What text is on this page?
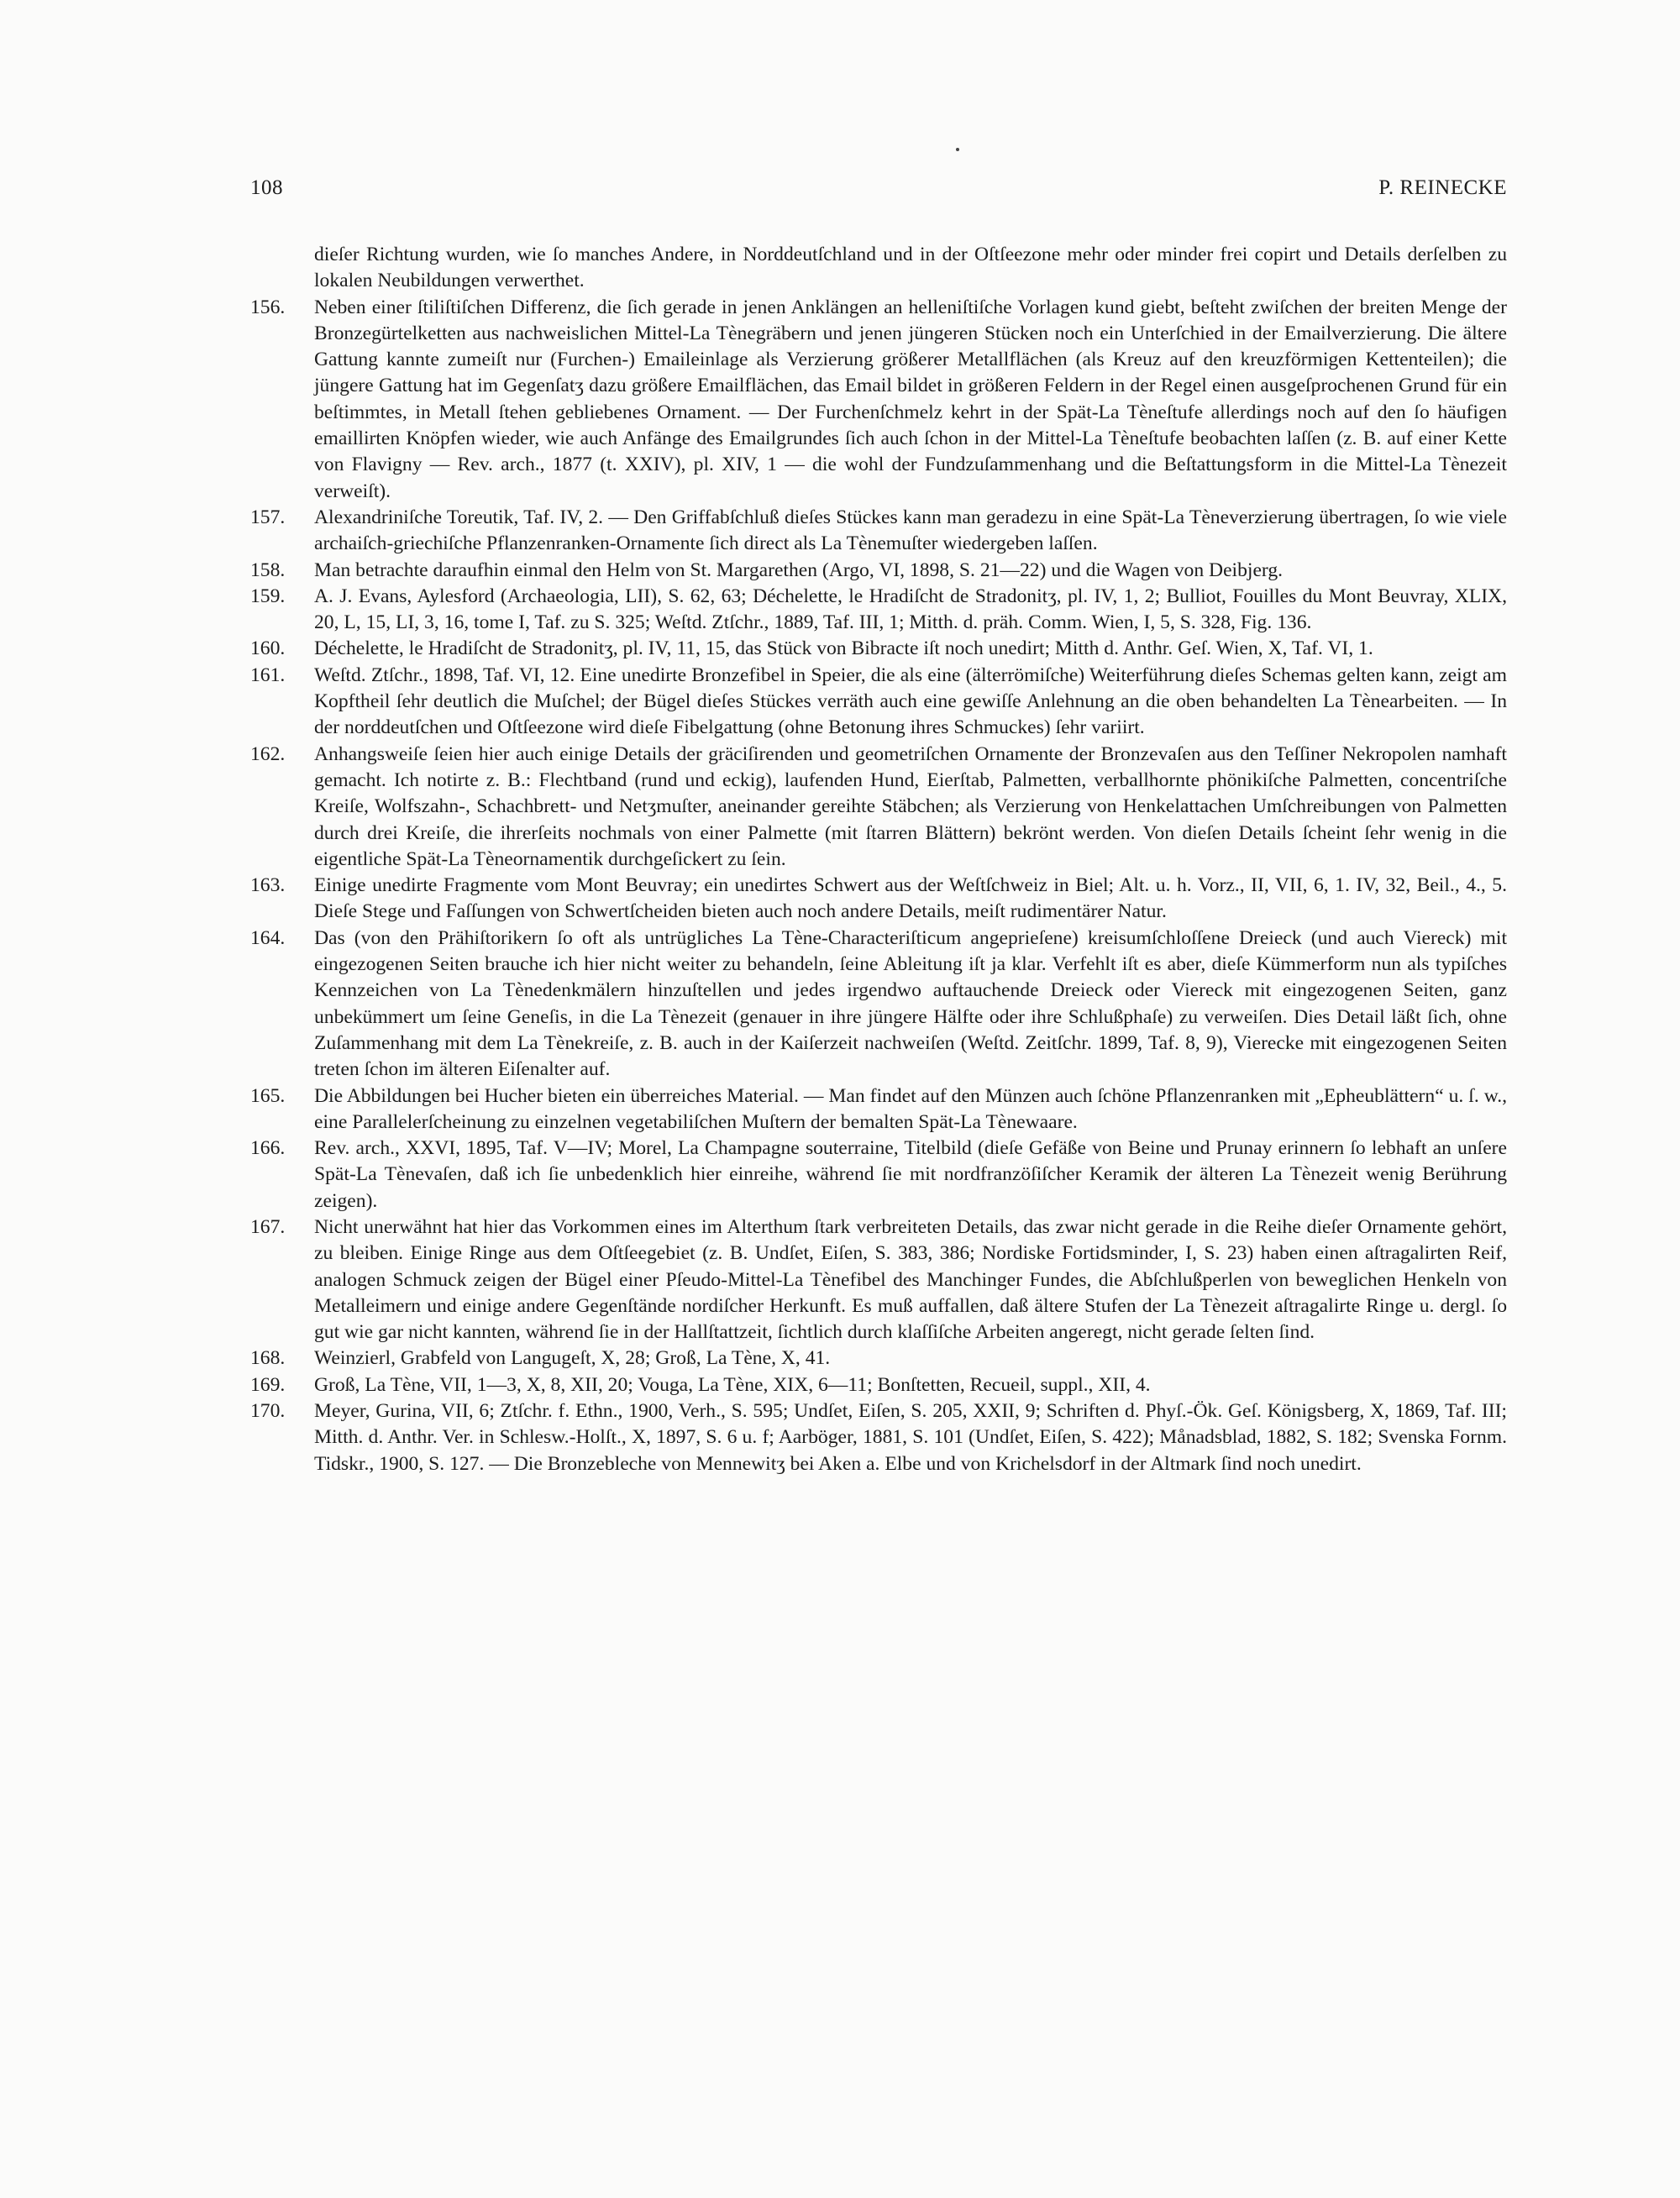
108	P. REINECKE
dieſer Richtung wurden, wie ſo manches Andere, in Norddeutſchland und in der Oſtſeezone mehr oder minder frei copirt und Details derſelben zu lokalen Neubildungen verwerthet.
156.	Neben einer ſtiliſtiſchen Differenz, die ſich gerade in jenen Anklängen an helleniſtiſche Vorlagen kund giebt, beſteht zwiſchen der breiten Menge der Bronzegürtelketten aus nachweislichen Mittel-La Tènegräbern und jenen jüngeren Stücken noch ein Unterſchied in der Emailverzierung. Die ältere Gattung kannte zumeiſt nur (Furchen-) Emaileinlage als Verzierung größerer Metallflächen (als Kreuz auf den kreuzförmigen Kettenteilen); die jüngere Gattung hat im Gegenſatʒ dazu größere Emailflächen, das Email bildet in größeren Feldern in der Regel einen ausgeſprochenen Grund für ein beſtimmtes, in Metall ſtehen gebliebenes Ornament. — Der Furchenſchmelz kehrt in der Spät-La Tèneſtufe allerdings noch auf den ſo häufigen emaillirten Knöpfen wieder, wie auch Anfänge des Emailgrundes ſich auch ſchon in der Mittel-La Tèneſtufe beobachten laſſen (z. B. auf einer Kette von Flavigny — Rev. arch., 1877 (t. XXIV), pl. XIV, 1 — die wohl der Fundzuſammenhang und die Beſtattungsform in die Mittel-La Tènezeit verweiſt).
157.	Alexandriniſche Toreutik, Taf. IV, 2. — Den Griffabſchluß dieſes Stückes kann man geradezu in eine Spät-La Tèneverzierung übertragen, ſo wie viele archaiſch-griechiſche Pflanzenranken-Ornamente ſich direct als La Tènemuſter wiedergeben laſſen.
158.	Man betrachte daraufhin einmal den Helm von St. Margarethen (Argo, VI, 1898, S. 21—22) und die Wagen von Deibjerg.
159.	A. J. Evans, Aylesford (Archaeologia, LII), S. 62, 63; Déchelette, le Hradiſcht de Stradonitʒ, pl. IV, 1, 2; Bulliot, Fouilles du Mont Beuvray, XLIX, 20, L, 15, LI, 3, 16, tome I, Taf. zu S. 325; Weſtd. Ztſchr., 1889, Taf. III, 1; Mitth. d. präh. Comm. Wien, I, 5, S. 328, Fig. 136.
160.	Déchelette, le Hradiſcht de Stradonitʒ, pl. IV, 11, 15, das Stück von Bibracte iſt noch unedirt; Mitth d. Anthr. Geſ. Wien, X, Taf. VI, 1.
161.	Weſtd. Ztſchr., 1898, Taf. VI, 12. Eine unedirte Bronzefibel in Speier, die als eine (älterrömiſche) Weiterführung dieſes Schemas gelten kann, zeigt am Kopftheil ſehr deutlich die Muſchel; der Bügel dieſes Stückes verräth auch eine gewiſſe Anlehnung an die oben behandelten La Tènearbeiten. — In der norddeutſchen und Oſtſeezone wird dieſe Fibelgattung (ohne Betonung ihres Schmuckes) ſehr variirt.
162.	Anhangsweiſe ſeien hier auch einige Details der gräciſirenden und geometriſchen Ornamente der Bronzevaſen aus den Teſſiner Nekropolen namhaft gemacht. Ich notirte z. B.: Flechtband (rund und eckig), laufenden Hund, Eierſtab, Palmetten, verballhornte phönikiſche Palmetten, concentriſche Kreiſe, Wolfszahn-, Schachbrett- und Netʒmuſter, aneinander gereihte Stäbchen; als Verzierung von Henkelattachen Umſchreibungen von Palmetten durch drei Kreiſe, die ihrerſeits nochmals von einer Palmette (mit ſtarren Blättern) bekrönt werden. Von dieſen Details ſcheint ſehr wenig in die eigentliche Spät-La Tèneornamentik durchgeſickert zu ſein.
163.	Einige unedirte Fragmente vom Mont Beuvray; ein unedirtes Schwert aus der Weſtſchweiz in Biel; Alt. u. h. Vorz., II, VII, 6, 1. IV, 32, Beil., 4., 5. Dieſe Stege und Faſſungen von Schwertſcheiden bieten auch noch andere Details, meiſt rudimentärer Natur.
164.	Das (von den Prähiſtorikern ſo oft als untrügliches La Tène-Characteriſticum angeprieſene) kreisumſchloſſene Dreieck (und auch Viereck) mit eingezogenen Seiten brauche ich hier nicht weiter zu behandeln, ſeine Ableitung iſt ja klar. Verfehlt iſt es aber, dieſe Kümmerform nun als typiſches Kennzeichen von La Tènedenkmälern hinzuſtellen und jedes irgendwo auftauchende Dreieck oder Viereck mit eingezogenen Seiten, ganz unbekümmert um ſeine Geneſis, in die La Tènezeit (genauer in ihre jüngere Hälfte oder ihre Schlußphaſe) zu verweiſen. Dies Detail läßt ſich, ohne Zuſammenhang mit dem La Tènekreiſe, z. B. auch in der Kaiſerzeit nachweiſen (Weſtd. Zeitſchr. 1899, Taf. 8, 9), Vierecke mit eingezogenen Seiten treten ſchon im älteren Eiſenalter auf.
165.	Die Abbildungen bei Hucher bieten ein überreiches Material. — Man findet auf den Münzen auch ſchöne Pflanzenranken mit „Epheublättern“ u. ſ. w., eine Parallelerſcheinung zu einzelnen vegetabiliſchen Muſtern der bemalten Spät-La Tènewaare.
166.	Rev. arch., XXVI, 1895, Taf. V—IV; Morel, La Champagne souterraine, Titelbild (dieſe Gefäße von Beine und Prunay erinnern ſo lebhaft an unſere Spät-La Tènevaſen, daß ich ſie unbedenklich hier einreihe, während ſie mit nordfranzöſiſcher Keramik der älteren La Tènezeit wenig Berührung zeigen).
167.	Nicht unerwähnt hat hier das Vorkommen eines im Alterthum ſtark verbreiteten Details, das zwar nicht gerade in die Reihe dieſer Ornamente gehört, zu bleiben. Einige Ringe aus dem Oſtſeegebiet (z. B. Undſet, Eiſen, S. 383, 386; Nordiske Fortidsminder, I, S. 23) haben einen aſtragalirten Reif, analogen Schmuck zeigen der Bügel einer Pſeudo-Mittel-La Tènefibel des Manchinger Fundes, die Abſchlußperlen von beweglichen Henkeln von Metalleimern und einige andere Gegenſtände nordiſcher Herkunft. Es muß auffallen, daß ältere Stufen der La Tènezeit aſtragalirte Ringe u. dergl. ſo gut wie gar nicht kannten, während ſie in der Hallſtattzeit, ſichtlich durch klaſſiſche Arbeiten angeregt, nicht gerade ſelten ſind.
168.	Weinzierl, Grabfeld von Langugeſt, X, 28; Groß, La Tène, X, 41.
169.	Groß, La Tène, VII, 1—3, X, 8, XII, 20; Vouga, La Tène, XIX, 6—11; Bonſtetten, Recueil, suppl., XII, 4.
170.	Meyer, Gurina, VII, 6; Ztſchr. f. Ethn., 1900, Verh., S. 595; Undſet, Eiſen, S. 205, XXII, 9; Schriften d. Phyſ.-Ök. Geſ. Königsberg, X, 1869, Taf. III; Mitth. d. Anthr. Ver. in Schlesw.-Holſt., X, 1897, S. 6 u. f; Aarböger, 1881, S. 101 (Undſet, Eiſen, S. 422); Månadsblad, 1882, S. 182; Svenska Fornm. Tidskr., 1900, S. 127. — Die Bronzebleche von Mennewitʒ bei Aken a. Elbe und von Krichelsdorf in der Altmark ſind noch unedirt.
